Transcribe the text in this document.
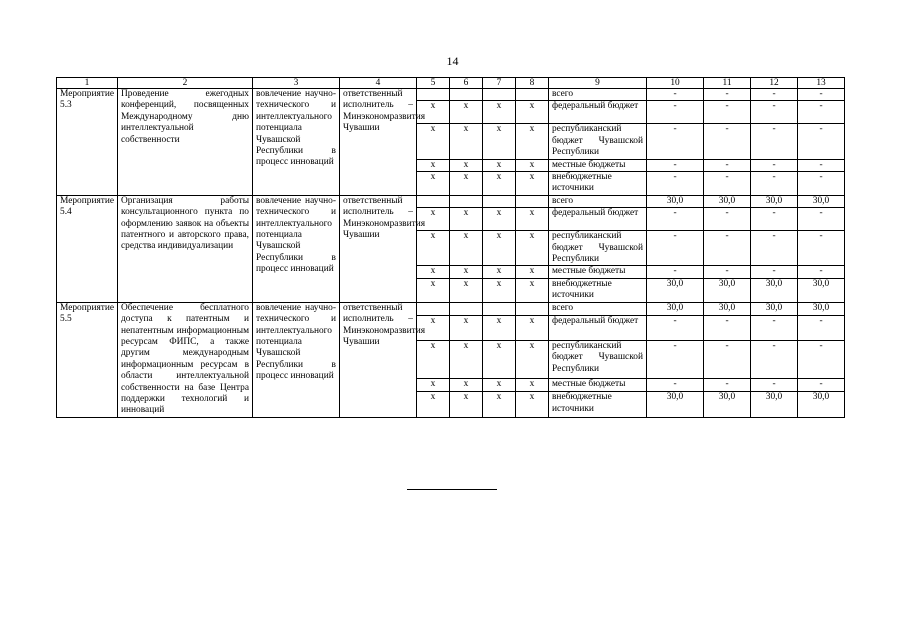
14
1	2	3	4	5	6	7	8	9	10	11	12	13
Мероприятие 5.3	Проведение ежегодных конференций, посвященных Международному дню интеллектуальной собственности	вовлечение научно-технического и интеллектуального потенциала Чувашской Республики в процесс инноваций	ответственный исполнитель – Минэкономразвития Чувашии					всего	-	-	-	-
				x	x	x	x	федеральный бюджет	-	-	-	-
				x	x	x	x	республиканский бюджет Чувашской Республики	-	-	-	-
				x	x	x	x	местные бюджеты	-	-	-	-
				x	x	x	x	внебюджетные источники	-	-	-	-
Мероприятие 5.4	Организация работы консультационного пункта по оформлению заявок на объекты патентного и авторского права, средства индивидуализации	вовлечение научно-технического и интеллектуального потенциала Чувашской Республики в процесс инноваций	ответственный исполнитель – Минэкономразвития Чувашии					всего	30,0	30,0	30,0	30,0
				x	x	x	x	федеральный бюджет	-	-	-	-
				x	x	x	x	республиканский бюджет Чувашской Республики	-	-	-	-
				x	x	x	x	местные бюджеты	-	-	-	-
				x	x	x	x	внебюджетные источники	30,0	30,0	30,0	30,0
Мероприятие 5.5	Обеспечение бесплатного доступа к патентным и непатентным информационным ресурсам ФИПС, а также другим международным информационным ресурсам в области интеллектуальной собственности на базе Центра поддержки технологий и инноваций	вовлечение научно-технического и интеллектуального потенциала Чувашской Республики в процесс инноваций	ответственный исполнитель – Минэкономразвития Чувашии					всего	30,0	30,0	30,0	30,0
				x	x	x	x	федеральный бюджет	-	-	-	-
				x	x	x	x	республиканский бюджет Чувашской Республики	-	-	-	-
				x	x	x	x	местные бюджеты	-	-	-	-
				x	x	x	x	внебюджетные источники	30,0	30,0	30,0	30,0
